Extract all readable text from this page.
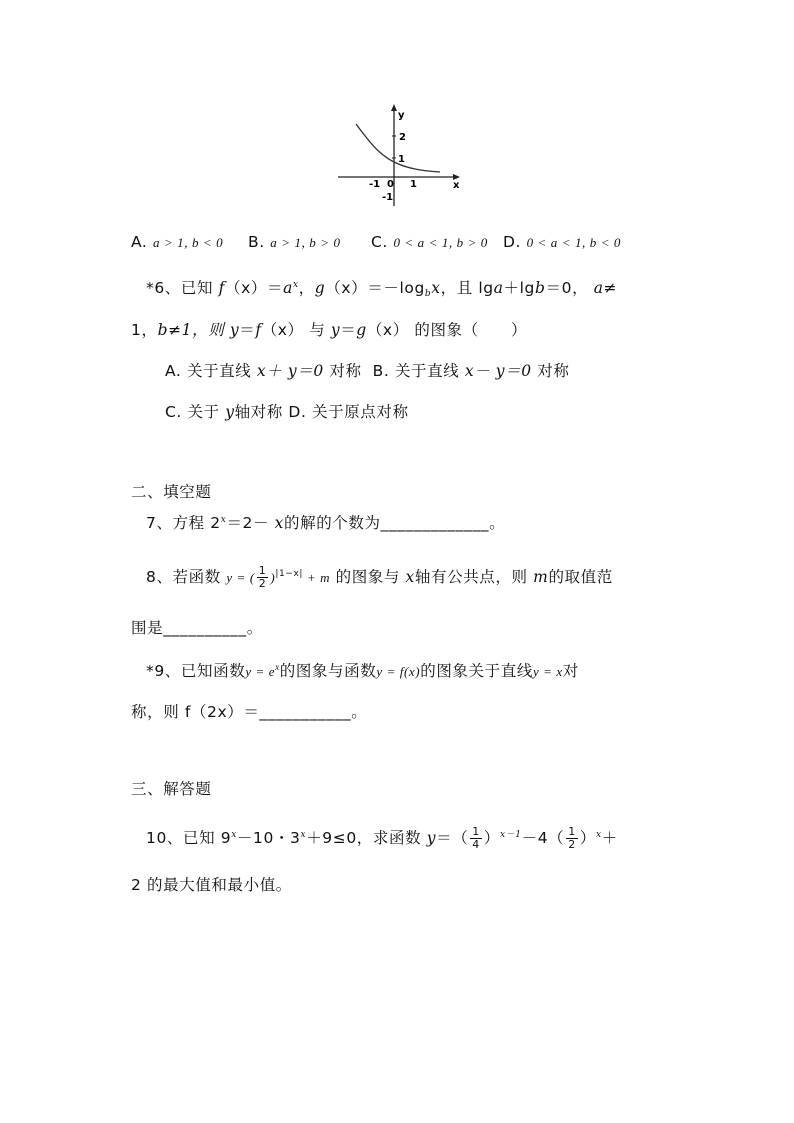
y
2
1
-1 0 1	x
-1
A. a > 1, b < 0 B. a > 1, b > 0 C. 0 < a < 1, b > 0 D. 0 < a < 1, b < 0
*6、已知 $f(x)=a^x$，$g(x)=-\log_bx$，且 lga＋lgb＝0， a≠
1，b≠1，则 y＝f（x） 与 y＝g（x） 的图象（　　）
A. 关于直线 x＋ y＝0 对称 B. 关于直线 x－ y＝0 对称
C. 关于 y轴对称 D. 关于原点对称
二、填空题
7、方程 $2^x=2- x$的解的个数为_____________。
8、若函数 y = ( $\frac{1}{2} )^{|1-x|} + m$ 的图象与 x轴有公共点，则 m的取值范
围是__________。
*9、已知函数$y = e^x$的图象与函数y = f(x)的图象关于直线y = x对
称，则 f（2x）＝___________。
三、解答题
10、已知 $9^x-10$・$3^x+9\le 0$，求函数 $y=( \frac{1}{4} )^{x-1}-4( \frac{1}{2} )^x+$
2 的最大值和最小值。
